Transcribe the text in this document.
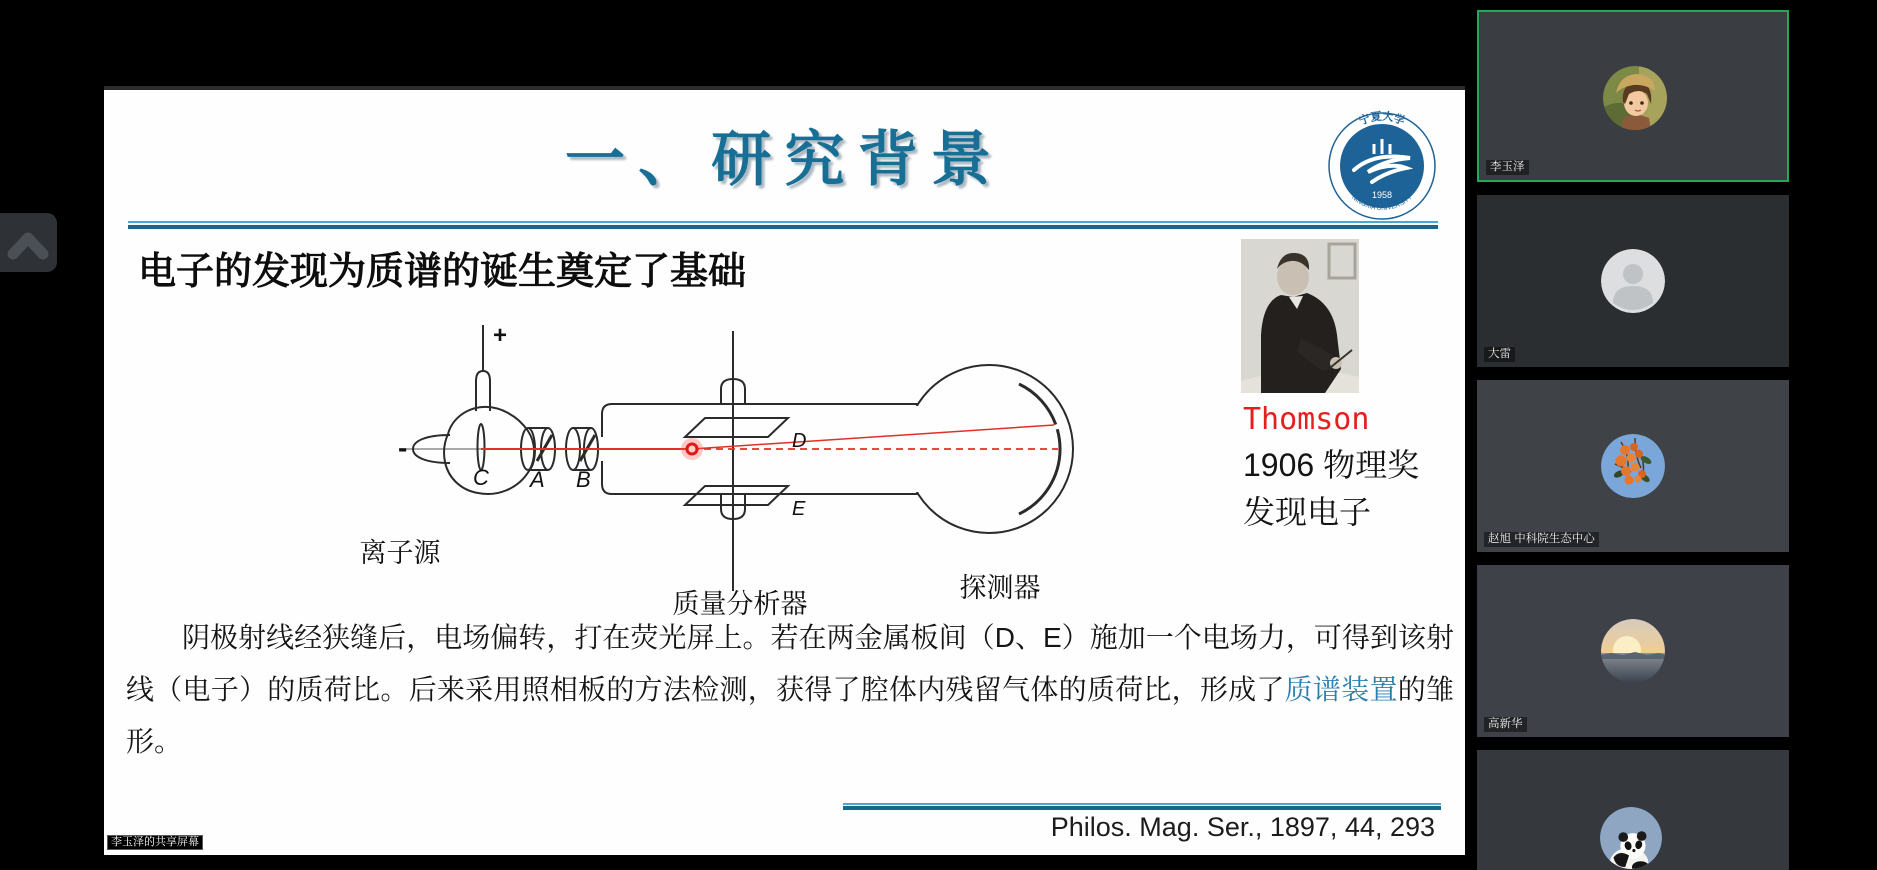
一、研究背景
宁夏大学
NINGXIA UNIVERSITY
1958
电子的发现为质谱的诞生奠定了基础
-
+
C A B
D
E
离子源
质量分析器
探测器
Thomson
1906 物理奖
发现电子

阴极射线经狭缝后，电场偏转，打在荧光屏上。若在两金属板间（D、E）施加一个电场力，可得到该射线（电子）的质荷比。后来采用照相板的方法检测，获得了腔体内残留气体的质荷比，形成了质谱装置的雏形。

Philos. Mag. Ser., 1897, 44, 293
李玉泽的共享屏幕
李玉泽
大雷
赵旭 中科院生态中心
高新华
